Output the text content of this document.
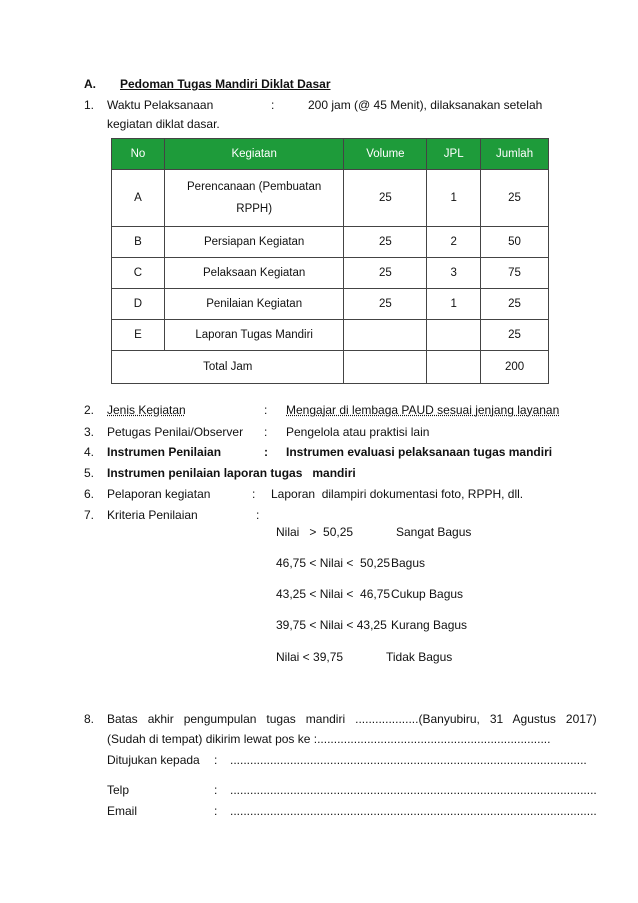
A. Pedoman Tugas Mandiri Diklat Dasar
1. Waktu Pelaksanaan	:	200 jam (@ 45 Menit), dilaksanakan setelah
kegiatan diklat dasar.
No	Kegiatan	Volume	JPL	Jumlah
A	Perencanaan (Pembuatan RPPH)	25	1	25
B	Persiapan Kegiatan	25	2	50
C	Pelaksaan Kegiatan	25	3	75
D	Penilaian Kegiatan	25	1	25
E	Laporan Tugas Mandiri			25
Total Jam				200
2. Jenis Kegiatan	: Mengajar di lembaga PAUD sesuai jenjang layanan
3. Petugas Penilai/Observer : Pengelola atau praktisi lain
4. Instrumen Penilaian	: Instrumen evaluasi pelaksanaan tugas mandiri
5. Instrumen penilaian laporan tugas   mandiri
6. Pelaporan kegiatan	: Laporan  dilampiri dokumentasi foto, RPPH, dll.
7. Kriteria Penilaian	:
Nilai   >  50,25	Sangat Bagus
46,75 < Nilai <  50,25 Bagus
43,25 < Nilai <  46,75 Cukup Bagus
39,75 < Nilai < 43,25 Kurang Bagus
Nilai < 39,75	Tidak Bagus
8. Batas   akhir   pengumpulan   tugas   mandiri   ...................(Banyubiru,   31   Agustus   2017)
(Sudah di tempat) dikirim lewat pos ke :......................................................................
Ditujukan kepada : ...........................................................................................................
Telp	: ..............................................................................................................
Email	: ..............................................................................................................
